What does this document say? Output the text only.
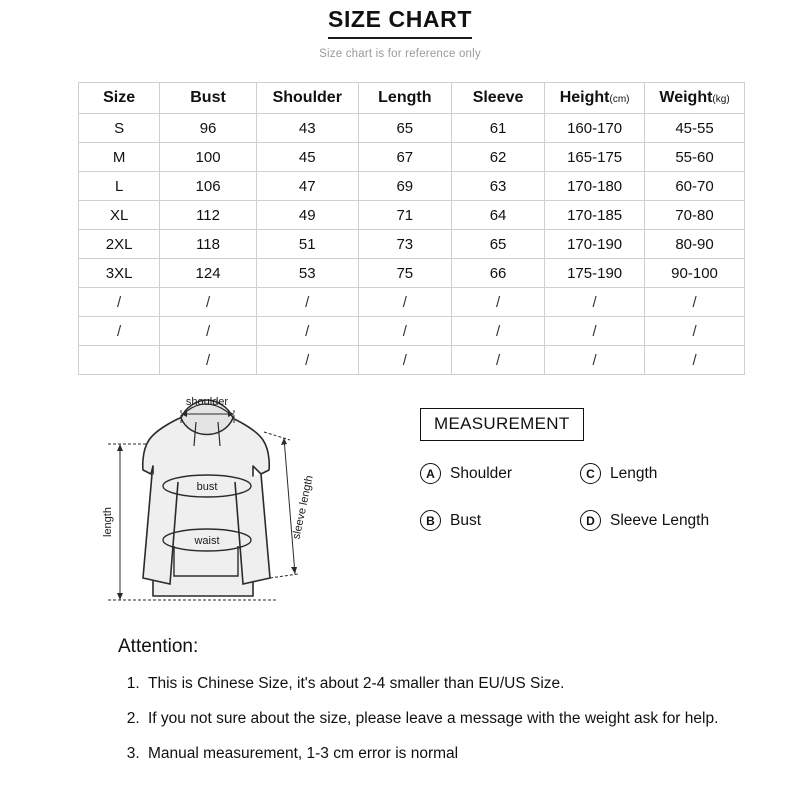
SIZE CHART
Size chart is for reference only
Size	Bust	Shoulder	Length	Sleeve	Height(cm)	Weight(kg)
S	96	43	65	61	160-170	45-55
M	100	45	67	62	165-175	55-60
L	106	47	69	63	170-180	60-70
XL	112	49	71	64	170-185	70-80
2XL	118	51	73	65	170-190	80-90
3XL	124	53	75	66	175-190	90-100
/	/	/	/	/	/	/
/	/	/	/	/	/	/
	/	/	/	/	/	/
shoulder
bust
waist
length	sleeve length
MEASUREMENT
A Shoulder	C Length
B Bust	D Sleeve Length
Attention:
1. This is Chinese Size, it's about 2-4 smaller than EU/US Size.
2. If you not sure about the size, please leave a message with the weight ask for help.
3. Manual measurement, 1-3 cm error is normal
